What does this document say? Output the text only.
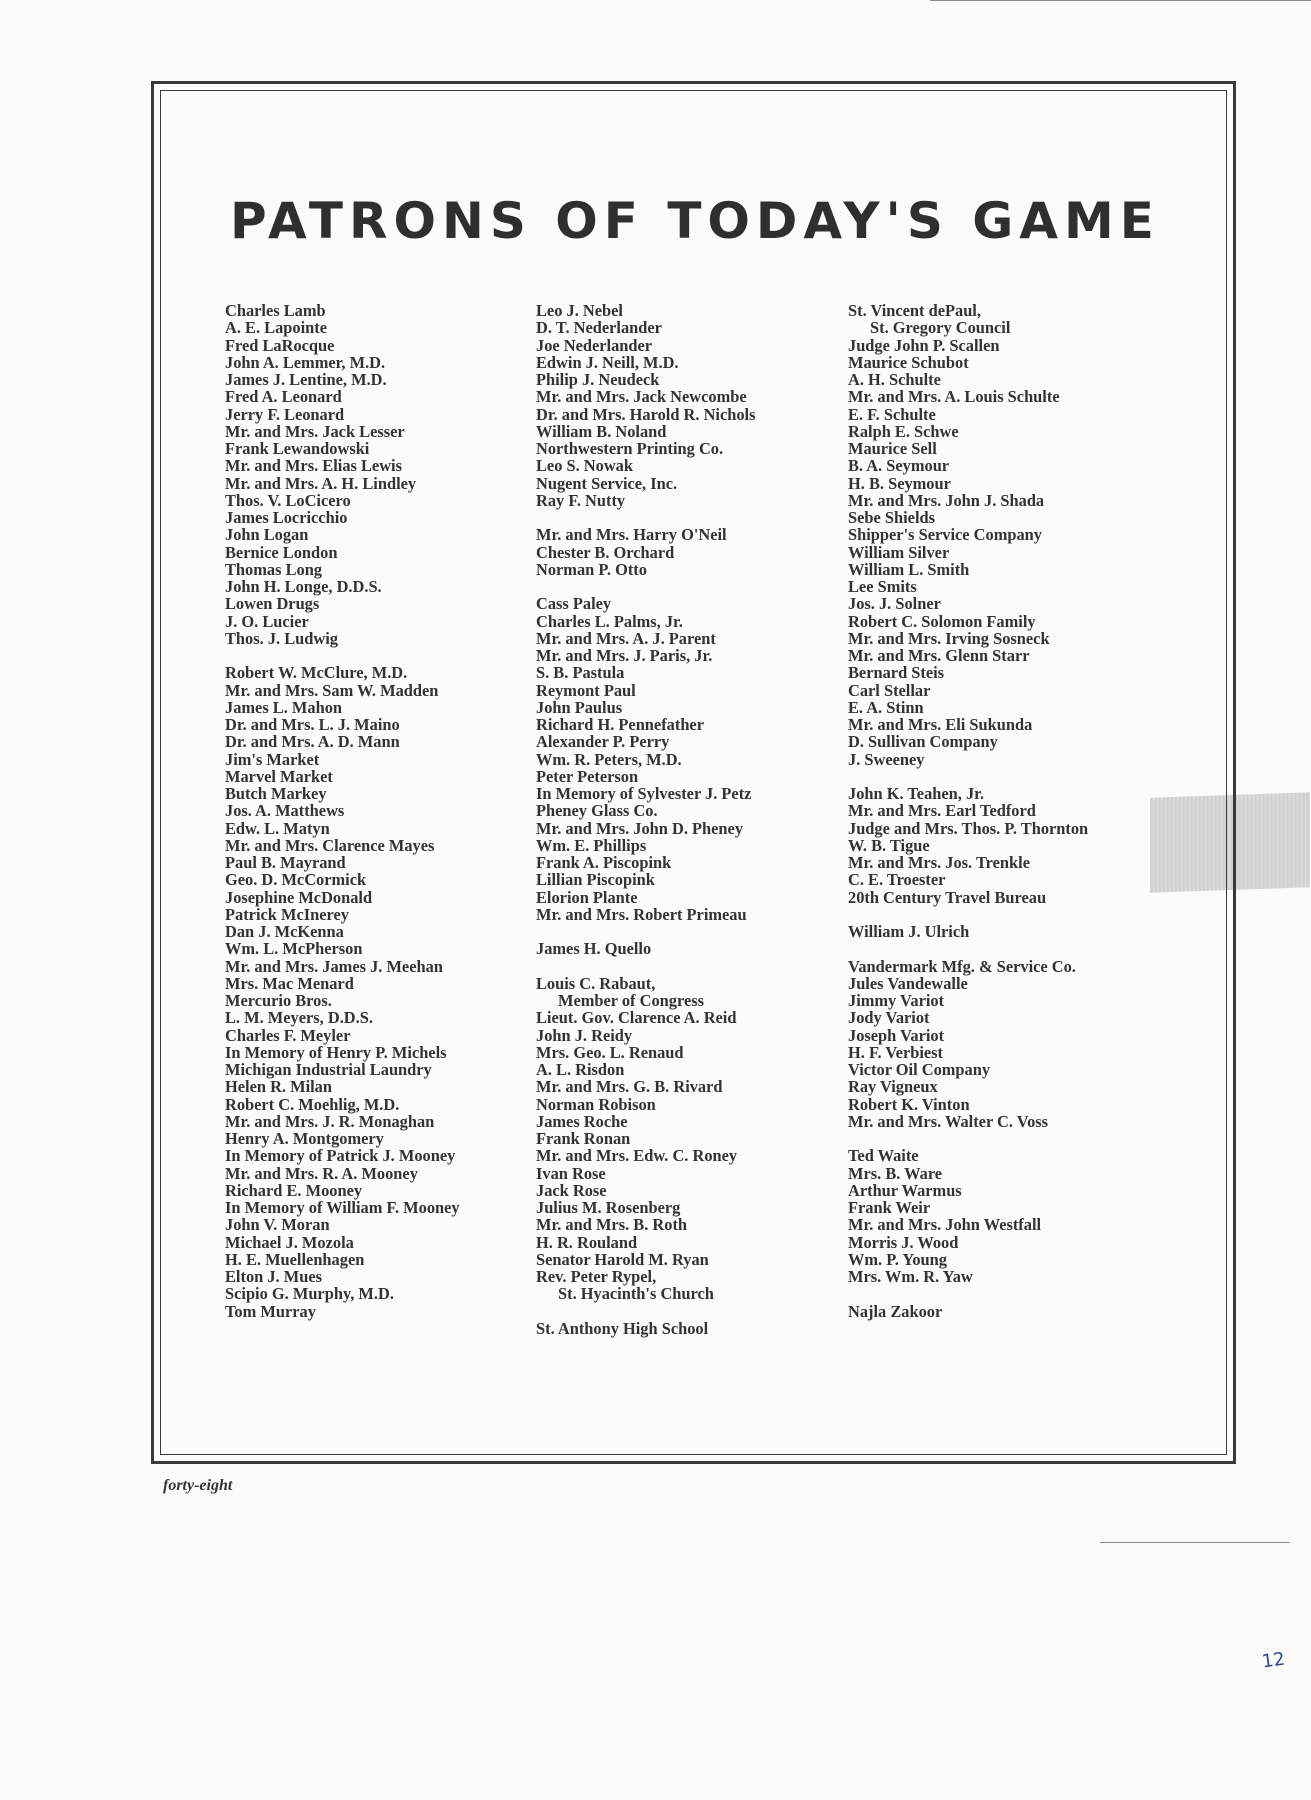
PATRONS OF TODAY'S GAME
Charles Lamb
A. E. Lapointe
Fred LaRocque
John A. Lemmer, M.D.
James J. Lentine, M.D.
Fred A. Leonard
Jerry F. Leonard
Mr. and Mrs. Jack Lesser
Frank Lewandowski
Mr. and Mrs. Elias Lewis
Mr. and Mrs. A. H. Lindley
Thos. V. LoCicero
James Locricchio
John Logan
Bernice London
Thomas Long
John H. Longe, D.D.S.
Lowen Drugs
J. O. Lucier
Thos. J. Ludwig
Robert W. McClure, M.D.
Mr. and Mrs. Sam W. Madden
James L. Mahon
Dr. and Mrs. L. J. Maino
Dr. and Mrs. A. D. Mann
Jim's Market
Marvel Market
Butch Markey
Jos. A. Matthews
Edw. L. Matyn
Mr. and Mrs. Clarence Mayes
Paul B. Mayrand
Geo. D. McCormick
Josephine McDonald
Patrick McInerey
Dan J. McKenna
Wm. L. McPherson
Mr. and Mrs. James J. Meehan
Mrs. Mac Menard
Mercurio Bros.
L. M. Meyers, D.D.S.
Charles F. Meyler
In Memory of Henry P. Michels
Michigan Industrial Laundry
Helen R. Milan
Robert C. Moehlig, M.D.
Mr. and Mrs. J. R. Monaghan
Henry A. Montgomery
In Memory of Patrick J. Mooney
Mr. and Mrs. R. A. Mooney
Richard E. Mooney
In Memory of William F. Mooney
John V. Moran
Michael J. Mozola
H. E. Muellenhagen
Elton J. Mues
Scipio G. Murphy, M.D.
Tom Murray
Leo J. Nebel
D. T. Nederlander
Joe Nederlander
Edwin J. Neill, M.D.
Philip J. Neudeck
Mr. and Mrs. Jack Newcombe
Dr. and Mrs. Harold R. Nichols
William B. Noland
Northwestern Printing Co.
Leo S. Nowak
Nugent Service, Inc.
Ray F. Nutty
Mr. and Mrs. Harry O'Neil
Chester B. Orchard
Norman P. Otto
Cass Paley
Charles L. Palms, Jr.
Mr. and Mrs. A. J. Parent
Mr. and Mrs. J. Paris, Jr.
S. B. Pastula
Reymont Paul
John Paulus
Richard H. Pennefather
Alexander P. Perry
Wm. R. Peters, M.D.
Peter Peterson
In Memory of Sylvester J. Petz
Pheney Glass Co.
Mr. and Mrs. John D. Pheney
Wm. E. Phillips
Frank A. Piscopink
Lillian Piscopink
Elorion Plante
Mr. and Mrs. Robert Primeau
James H. Quello
Louis C. Rabaut,
Member of Congress
Lieut. Gov. Clarence A. Reid
John J. Reidy
Mrs. Geo. L. Renaud
A. L. Risdon
Mr. and Mrs. G. B. Rivard
Norman Robison
James Roche
Frank Ronan
Mr. and Mrs. Edw. C. Roney
Ivan Rose
Jack Rose
Julius M. Rosenberg
Mr. and Mrs. B. Roth
H. R. Rouland
Senator Harold M. Ryan
Rev. Peter Rypel,
St. Hyacinth's Church
St. Anthony High School
St. Vincent dePaul,
St. Gregory Council
Judge John P. Scallen
Maurice Schubot
A. H. Schulte
Mr. and Mrs. A. Louis Schulte
E. F. Schulte
Ralph E. Schwe
Maurice Sell
B. A. Seymour
H. B. Seymour
Mr. and Mrs. John J. Shada
Sebe Shields
Shipper's Service Company
William Silver
William L. Smith
Lee Smits
Jos. J. Solner
Robert C. Solomon Family
Mr. and Mrs. Irving Sosneck
Mr. and Mrs. Glenn Starr
Bernard Steis
Carl Stellar
E. A. Stinn
Mr. and Mrs. Eli Sukunda
D. Sullivan Company
J. Sweeney
John K. Teahen, Jr.
Mr. and Mrs. Earl Tedford
Judge and Mrs. Thos. P. Thornton
W. B. Tigue
Mr. and Mrs. Jos. Trenkle
C. E. Troester
20th Century Travel Bureau
William J. Ulrich
Vandermark Mfg. & Service Co.
Jules Vandewalle
Jimmy Variot
Jody Variot
Joseph Variot
H. F. Verbiest
Victor Oil Company
Ray Vigneux
Robert K. Vinton
Mr. and Mrs. Walter C. Voss
Ted Waite
Mrs. B. Ware
Arthur Warmus
Frank Weir
Mr. and Mrs. John Westfall
Morris J. Wood
Wm. P. Young
Mrs. Wm. R. Yaw
Najla Zakoor
forty-eight
12
